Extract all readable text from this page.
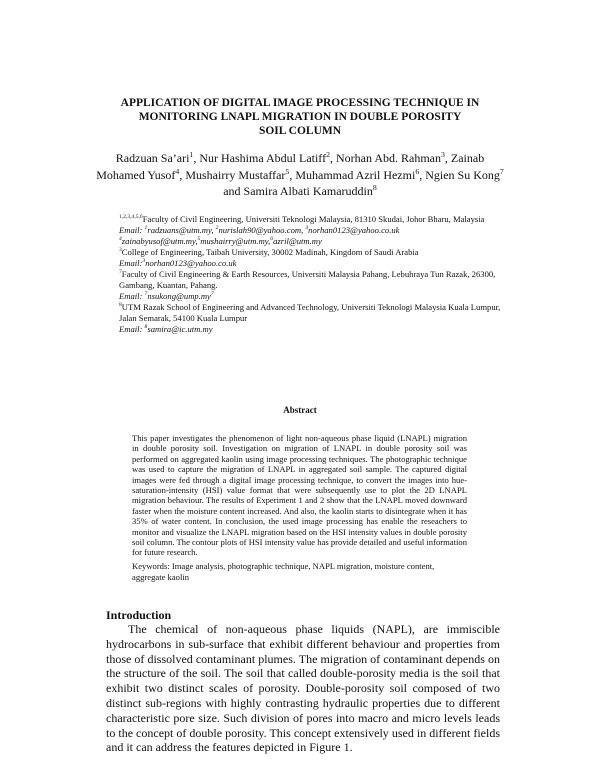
APPLICATION OF DIGITAL IMAGE PROCESSING TECHNIQUE IN
MONITORING LNAPL MIGRATION IN DOUBLE POROSITY
SOIL COLUMN
Radzuan Sa’ari$^1$, Nur Hashima Abdul Latiff$^2$, Norhan Abd. Rahman$^3$, Zainab Mohamed Yusof$^4$, Mushairry Mustaffar$^5$, Muhammad Azril Hezmi$^6$, Ngien Su Kong$^7$ and Samira Albati Kamaruddin$^8$

$^{1,2,3,4,5,6}$Faculty of Civil Engineering, Universiti Teknologi Malaysia, 81310 Skudai, Johor Bharu, Malaysia

Email: $^1$radzuans@utm.my, $^2$nurislah90@yahoo.com, $^3$norhan0123@yahoo.co.uk
$^4$zainabyusof@utm.my,$^5$mushairry@utm.my,$^6$azril@utm.my

$^3$College of Engineering, Taibah University, 30002 Madinah, Kingdom of Saudi Arabia

Email:$^3$norhan0123@yahoo.co.uk

$^7$Faculty of Civil Engineering & Earth Resources, Universiti Malaysia Pahang, Lebuhraya Tun Razak, 26300, Gambang, Kuantan, Pahang.

Email: $^7nsukong@ump.my^7$

$^8$UTM Razak School of Engineering and Advanced Technology, Universiti Teknologi Malaysia Kuala Lumpur, Jalan Semarak, 54100 Kuala Lumpur

Email: $^8$samira@ic.utm.my

Abstract
This paper investigates the phenomenon of light non-aqueous phase liquid (LNAPL) migration in double porosity soil. Investigation on migration of LNAPL in double porosity soil was performed on aggregated kaolin using image processing techniques. The photographic technique was used to capture the migration of LNAPL in aggregated soil sample. The captured digital images were fed through a digital image processing technique, to convert the images into hue-saturation-intensity (HSI) value format that were subsequently use to plot the 2D LNAPL migration behaviour. The results of Experiment 1 and 2 show that the LNAPL moved downward faster when the moisture content increased. And also, the kaolin starts to disintegrate when it has 35% of water content. In conclusion, the used image processing has enable the reseachers to monitor and visualize the LNAPL migration based on the HSI intensity values in double porosity soil column. The contour plots of HSI intensity value has provide detailed and useful information for future research.
Keywords: Image analysis, photographic technique, NAPL migration, moisture content, aggregate kaolin
Introduction
The chemical of non-aqueous phase liquids (NAPL), are immiscible hydrocarbons in sub-surface that exhibit different behaviour and properties from those of dissolved contaminant plumes. The migration of contaminant depends on the structure of the soil. The soil that called double-porosity media is the soil that exhibit two distinct scales of porosity. Double-porosity soil composed of two distinct sub-regions with highly contrasting hydraulic properties due to different characteristic pore size. Such division of pores into macro and micro levels leads to the concept of double porosity. This concept extensively used in different fields and it can address the features depicted in Figure 1.
